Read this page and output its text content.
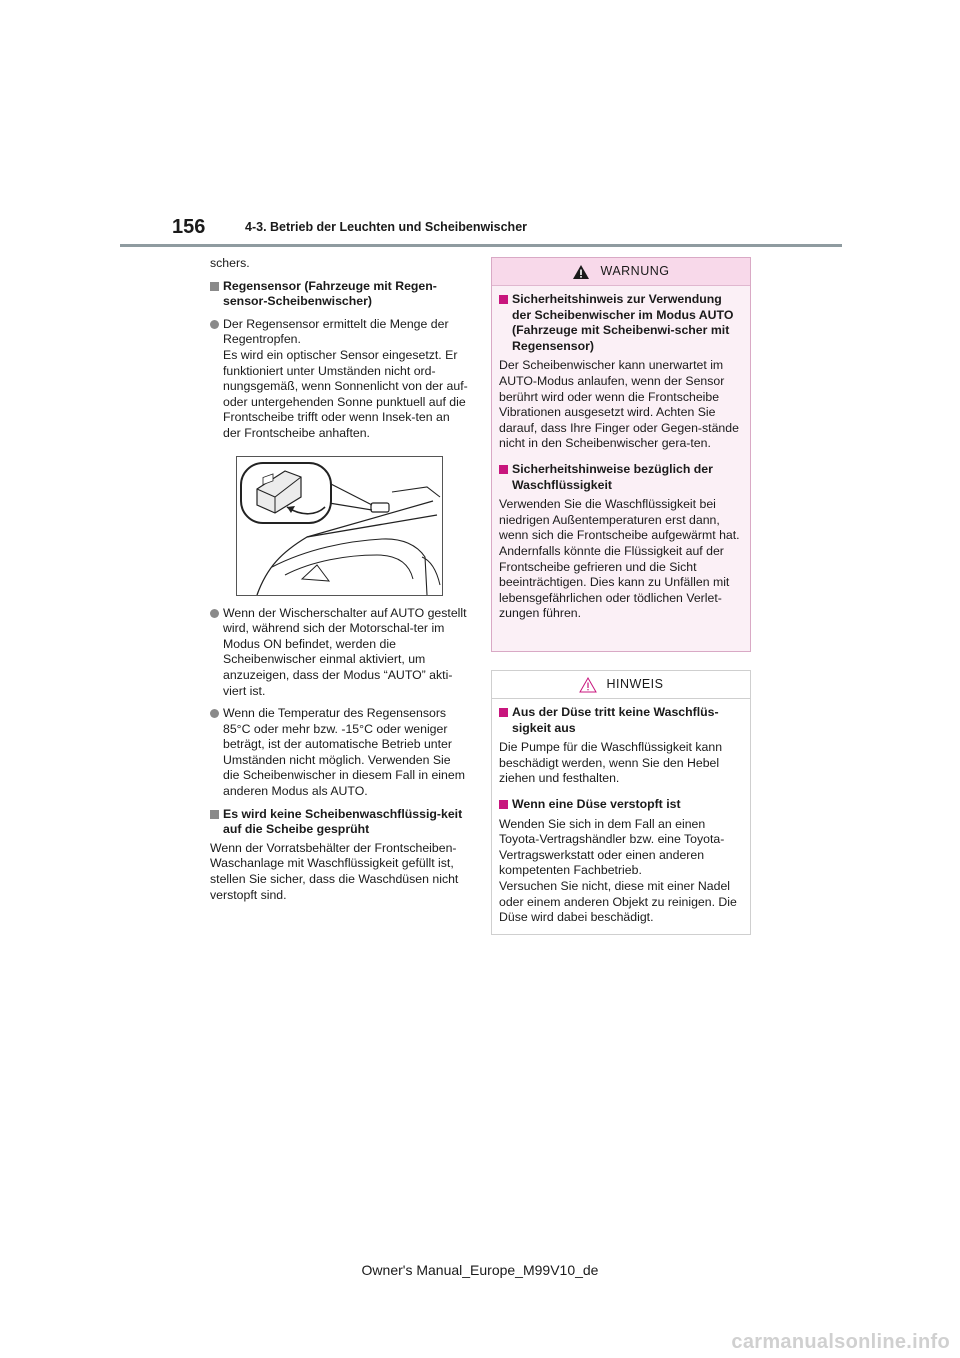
156	4-3. Betrieb der Leuchten und Scheibenwischer

schers.

Regensensor (Fahrzeuge mit Regen-sensor-Scheibenwischer)
Der Regensensor ermittelt die Menge der Regentropfen.
Es wird ein optischer Sensor eingesetzt. Er funktioniert unter Umständen nicht ord-nungsgemäß, wenn Sonnenlicht von der auf- oder untergehenden Sonne punktuell auf die Frontscheibe trifft oder wenn Insek-ten an der Frontscheibe anhaften.
Wenn der Wischerschalter auf AUTO gestellt wird, während sich der Motorschal-ter im Modus ON befindet, werden die Scheibenwischer einmal aktiviert, um anzuzeigen, dass der Modus “AUTO” akti-viert ist.
Wenn die Temperatur des Regensensors 85°C oder mehr bzw. -15°C oder weniger beträgt, ist der automatische Betrieb unter Umständen nicht möglich. Verwenden Sie die Scheibenwischer in diesem Fall in einem anderen Modus als AUTO.
Es wird keine Scheibenwaschflüssig-keit auf die Scheibe gesprüht

Wenn der Vorratsbehälter der Frontscheiben-Waschanlage mit Waschflüssigkeit gefüllt ist, stellen Sie sicher, dass die Waschdüsen nicht verstopft sind.

WARNUNG
Sicherheitshinweis zur Verwendung der Scheibenwischer im Modus AUTO (Fahrzeuge mit Scheibenwi-scher mit Regensensor)

Der Scheibenwischer kann unerwartet im AUTO-Modus anlaufen, wenn der Sensor berührt wird oder wenn die Frontscheibe Vibrationen ausgesetzt wird. Achten Sie darauf, dass Ihre Finger oder Gegen-stände nicht in den Scheibenwischer gera-ten.

Sicherheitshinweise bezüglich der Waschflüssigkeit

Verwenden Sie die Waschflüssigkeit bei niedrigen Außentemperaturen erst dann, wenn sich die Frontscheibe aufgewärmt hat. Andernfalls könnte die Flüssigkeit auf der Frontscheibe gefrieren und die Sicht beeinträchtigen. Dies kann zu Unfällen mit lebensgefährlichen oder tödlichen Verlet-zungen führen.

HINWEIS
Aus der Düse tritt keine Waschflüs-sigkeit aus

Die Pumpe für die Waschflüssigkeit kann beschädigt werden, wenn Sie den Hebel ziehen und festhalten.

Wenn eine Düse verstopft ist

Wenden Sie sich in dem Fall an einen Toyota-Vertragshändler bzw. eine Toyota-Vertragswerkstatt oder einen anderen kompetenten Fachbetrieb.
Versuchen Sie nicht, diese mit einer Nadel oder einem anderen Objekt zu reinigen. Die Düse wird dabei beschädigt.

Owner's Manual_Europe_M99V10_de
carmanualsonline.info
